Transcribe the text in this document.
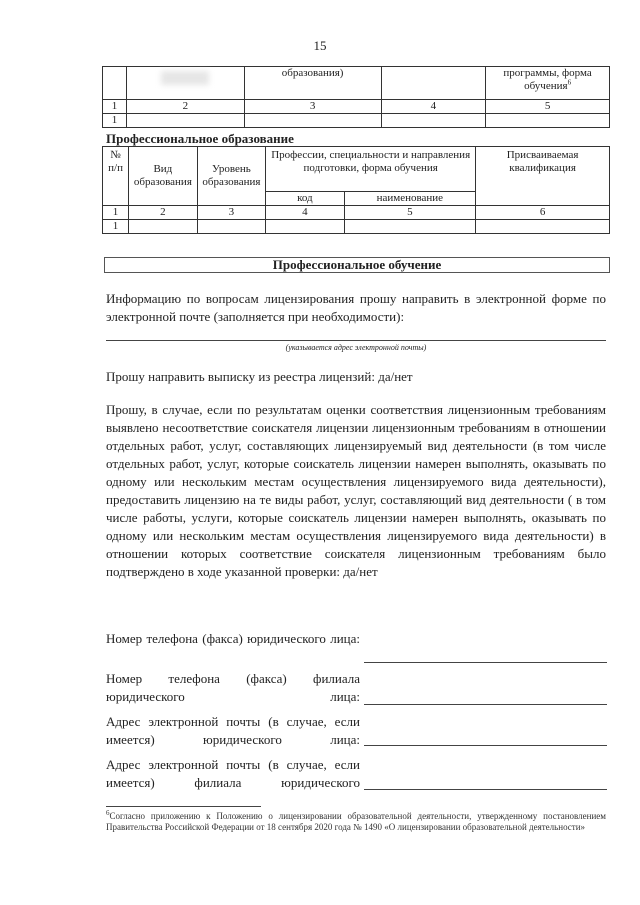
15
		образования)		программы, форма обучения$^6$
1	2	3	4	5
1				
Профессиональное образование
№ п/п	Вид образования	Уровень образования	Профессии, специальности и направления подготовки, форма обучения		Присваиваемая квалификация
			код	наименование	
1	2	3	4	5	6
1					
Профессиональное обучение
Информацию по вопросам лицензирования прошу направить в электронной форме по электронной почте (заполняется при необходимости):
(указывается адрес электронной почты)
Прошу направить выписку из реестра лицензий: да/нет
Прошу, в случае, если по результатам оценки соответствия лицензионным требованиям выявлено несоответствие соискателя лицензии лицензионным требованиям в отношении отдельных работ, услуг, составляющих лицензируемый вид деятельности (в том числе отдельных работ, услуг, которые соискатель лицензии намерен выполнять, оказывать по одному или нескольким местам осуществления лицензируемого вида деятельности), предоставить лицензию на те виды работ, услуг, составляющий вид деятельности ( в том числе работы, услуги, которые соискатель лицензии намерен выполнять, оказывать по одному или нескольким местам осуществления лицензируемого вида деятельности) в отношении которых соответствие соискателя лицензионным требованиям было подтверждено в ходе указанной проверки: да/нет
Номер телефона (факса) юридического лица:
Номер телефона (факса) филиала юридического лица:
Адрес электронной почты (в случае, если имеется) юридического лица:
Адрес электронной почты (в случае, если имеется) филиала юридического
$^6$Согласно приложению к Положению о лицензировании образовательной деятельности, утвержденному постановлением Правительства Российской Федерации от 18 сентября 2020 года № 1490 «О лицензировании образовательной деятельности»
